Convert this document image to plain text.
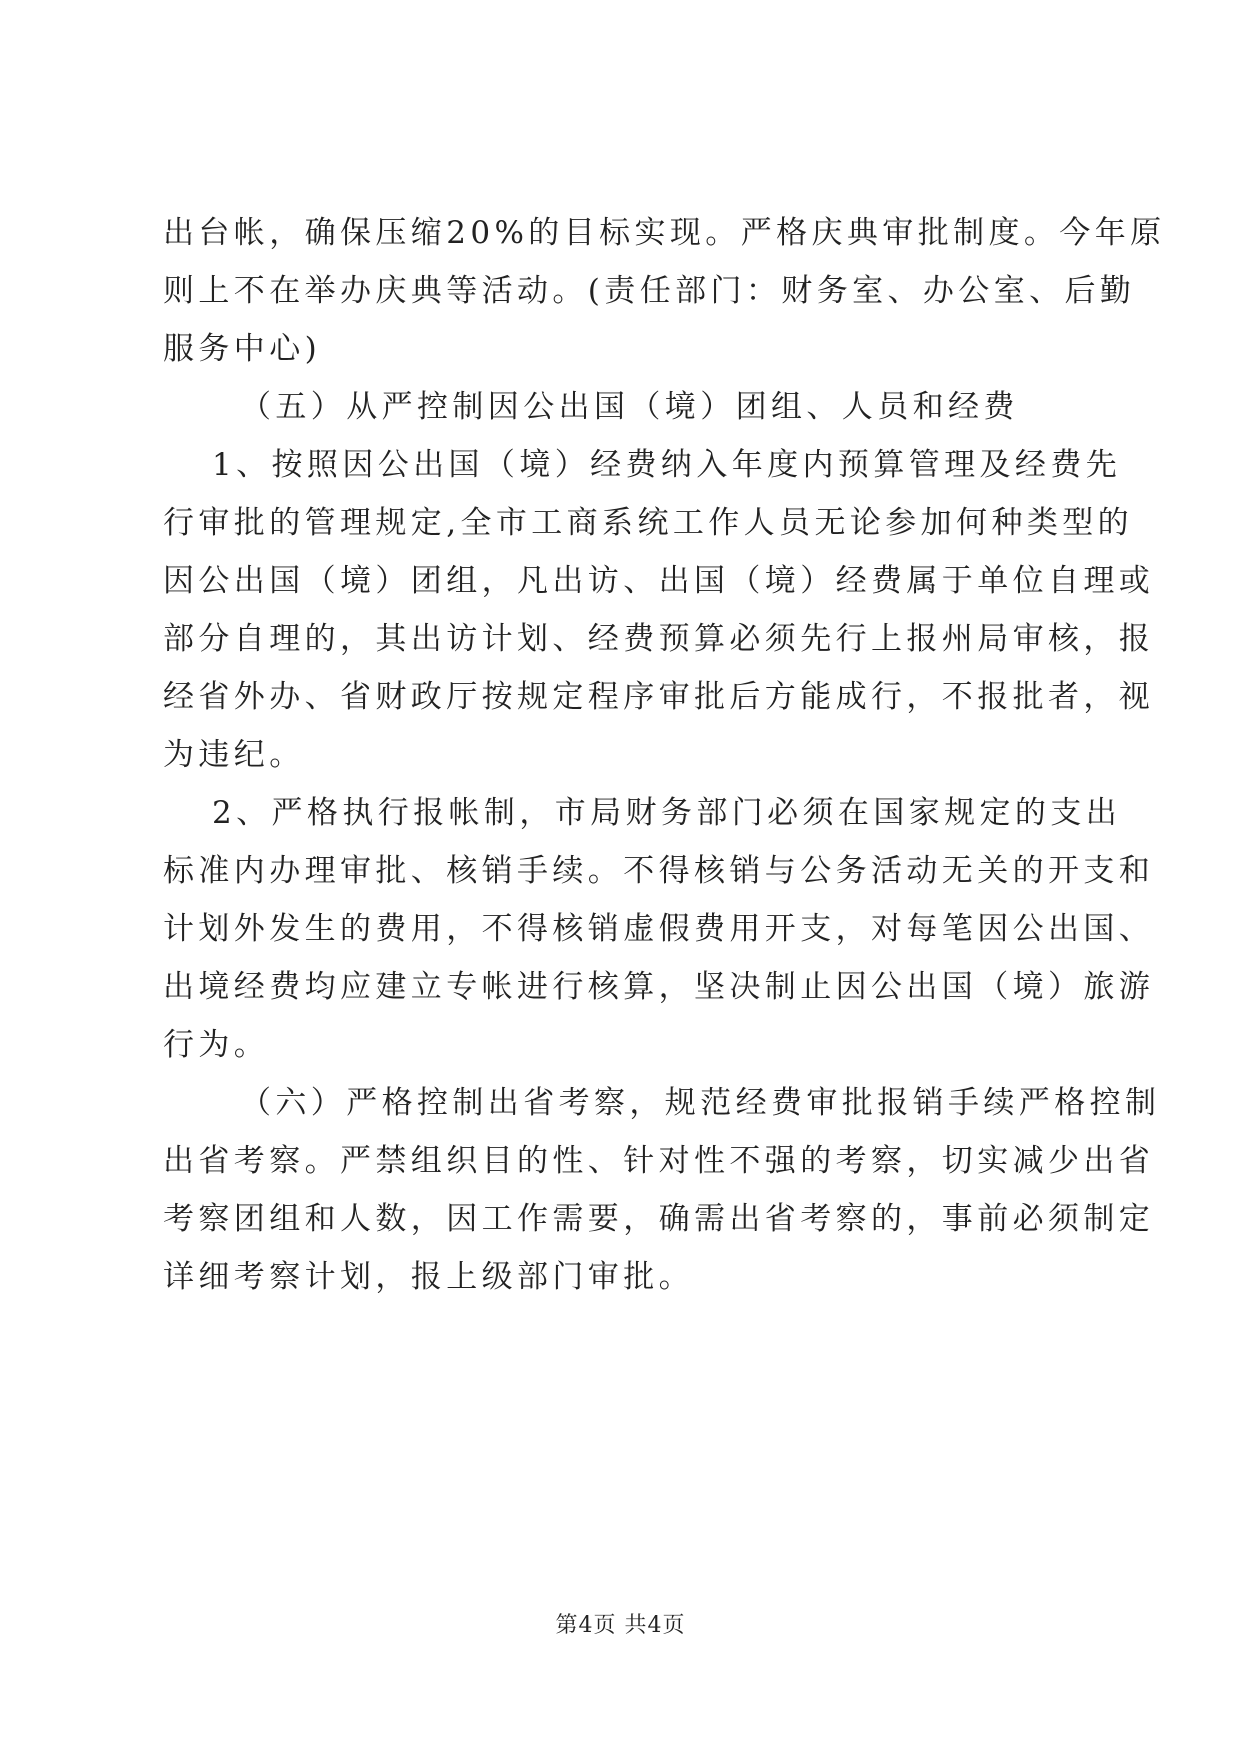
出台帐，确保压缩20%的目标实现。严格庆典审批制度。今年原
则上不在举办庆典等活动。(责任部门：财务室、办公室、后勤
服务中心)
（五）从严控制因公出国（境）团组、人员和经费
1、按照因公出国（境）经费纳入年度内预算管理及经费先
行审批的管理规定,全市工商系统工作人员无论参加何种类型的
因公出国（境）团组，凡出访、出国（境）经费属于单位自理或
部分自理的，其出访计划、经费预算必须先行上报州局审核，报
经省外办、省财政厅按规定程序审批后方能成行，不报批者，视
为违纪。
2、严格执行报帐制，市局财务部门必须在国家规定的支出
标准内办理审批、核销手续。不得核销与公务活动无关的开支和
计划外发生的费用，不得核销虚假费用开支，对每笔因公出国、
出境经费均应建立专帐进行核算，坚决制止因公出国（境）旅游
行为。
（六）严格控制出省考察，规范经费审批报销手续严格控制
出省考察。严禁组织目的性、针对性不强的考察，切实减少出省
考察团组和人数，因工作需要，确需出省考察的，事前必须制定
详细考察计划，报上级部门审批。
第4页 共4页
